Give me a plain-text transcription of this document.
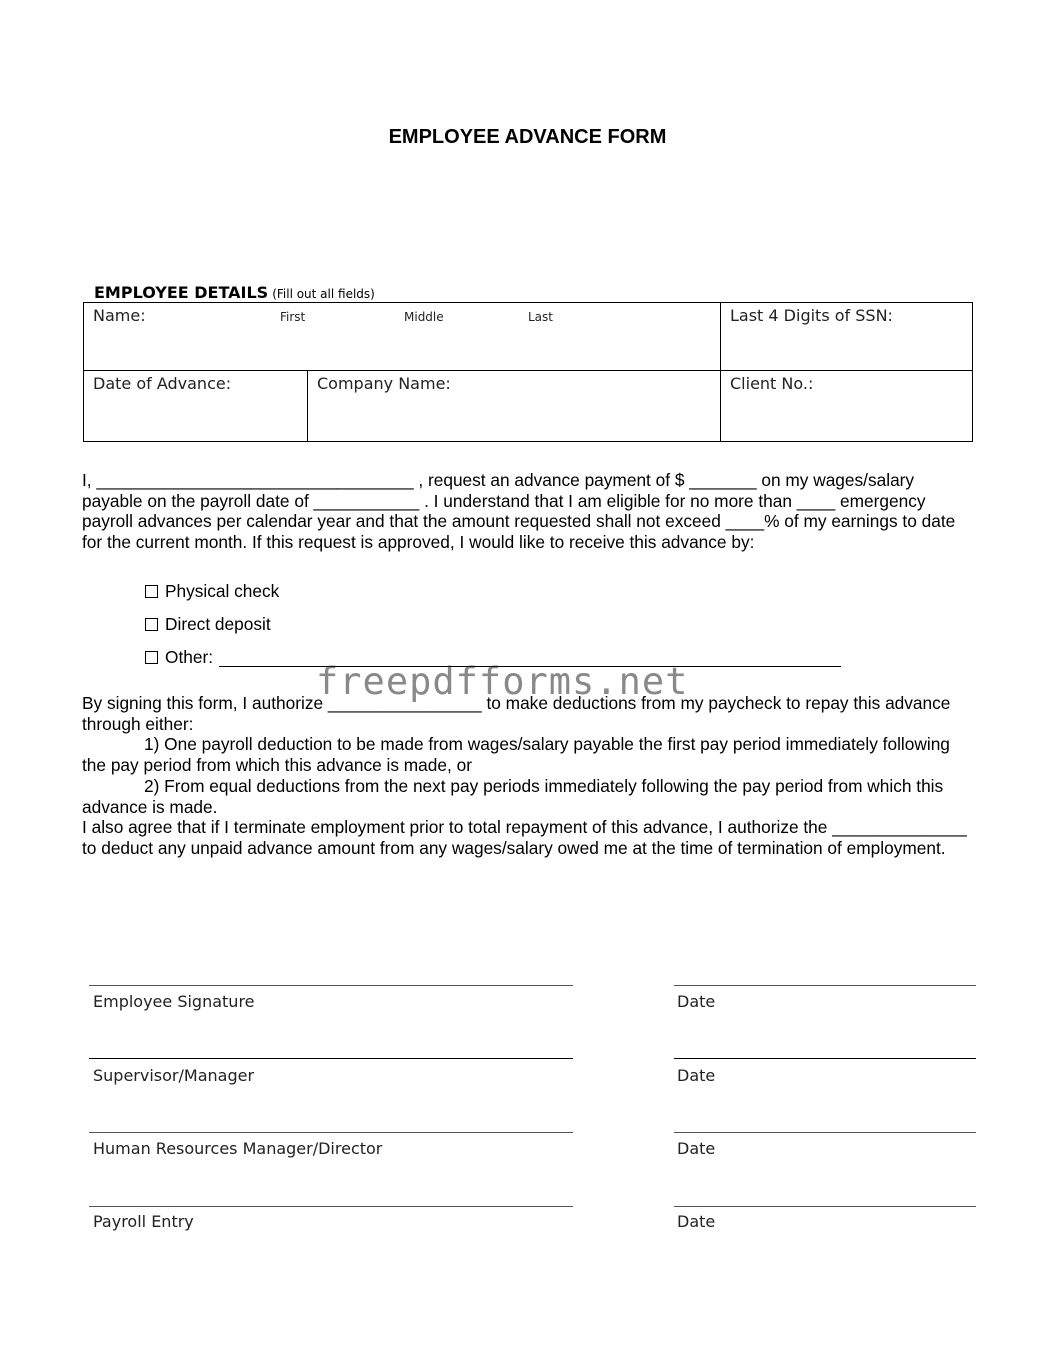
EMPLOYEE ADVANCE FORM
EMPLOYEE DETAILS (Fill out all fields)
Name: First Middle Last		Last 4 Digits of SSN:
Date of Advance:	Company Name:	Client No.:

I, _________________________________ , request an advance payment of $ _______ on my wages/salary payable on the payroll date of ___________ . I understand that I am eligible for no more than ____ emergency payroll advances per calendar year and that the amount requested shall not exceed ____% of my earnings to date for the current month. If this request is approved, I would like to receive this advance by:

Physical check
Direct deposit
Other:
freepdfforms.net

By signing this form, I authorize ________________ to make deductions from my paycheck to repay this advance through either:

1) One payroll deduction to be made from wages/salary payable the first pay period immediately following

the pay period from which this advance is made, or

2) From equal deductions from the next pay periods immediately following the pay period from which this

advance is made.

I also agree that if I terminate employment prior to total repayment of this advance, I authorize the ______________ to deduct any unpaid advance amount from any wages/salary owed me at the time of termination of employment.

Employee Signature	Date
Supervisor/Manager	Date
Human Resources Manager/Director	Date
Payroll Entry	Date
